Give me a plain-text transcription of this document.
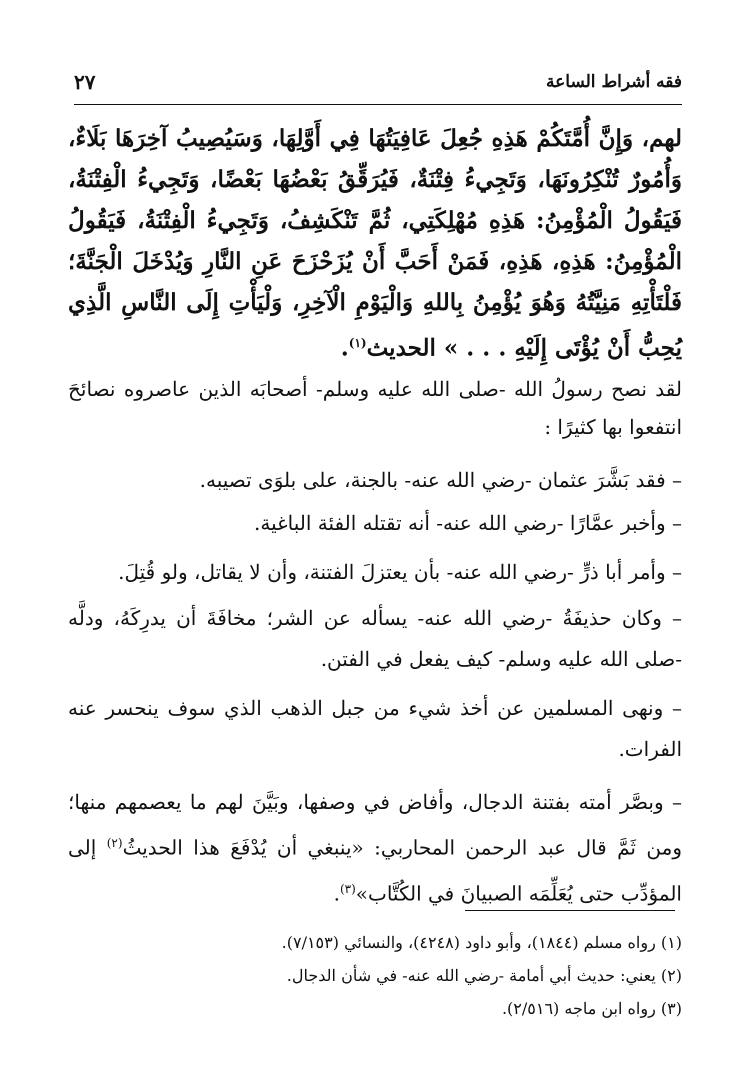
فقه أشراط الساعة
٢٧
لهم، وَإِنَّ أُمَّتَكُمْ هَذِهِ جُعِلَ عَافِيَتُهَا فِي أَوَّلِهَا، وَسَيُصِيبُ آخِرَهَا بَلَاءٌ، وَأُمُورٌ تُنْكِرُونَهَا، وَتَجِيءُ فِتْنَةٌ، فَيُرَقِّقُ بَعْضُهَا بَعْضًا، وَتَجِيءُ الْفِتْنَةُ، فَيَقُولُ الْمُؤْمِنُ: هَذِهِ مُهْلِكَتِي، ثُمَّ تَنْكَشِفُ، وَتَجِيءُ الْفِتْنَةُ، فَيَقُولُ الْمُؤْمِنُ: هَذِهِ، هَذِهِ، فَمَنْ أَحَبَّ أَنْ يُزَحْزَحَ عَنِ النَّارِ وَيُدْخَلَ الْجَنَّةَ؛ فَلْتَأْتِهِ مَنِيَّتُهُ وَهُوَ يُؤْمِنُ بِاللهِ وَالْيَوْمِ الْآخِرِ، وَلْيَأْتِ إِلَى النَّاسِ الَّذِي يُحِبُّ أَنْ يُؤْتَى إِلَيْهِ . . . » الحديث$^{(١)}$.
لقد نصح رسولُ الله -صلى الله عليه وسلم- أصحابَه الذين عاصروه نصائحَ انتفعوا بها كثيرًا :
– فقد بَشَّرَ عثمان -رضي الله عنه- بالجنة، على بلوَى تصيبه.
– وأخبر عمَّارًا -رضي الله عنه- أنه تقتله الفئة الباغية.
– وأمر أبا ذرٍّ -رضي الله عنه- بأن يعتزلَ الفتنة، وأن لا يقاتل، ولو قُتِلَ.
– وكان حذيفَةُ -رضي الله عنه- يسأله عن الشر؛ مخافَةَ أن يدرِكَهُ، ودلَّه -صلى الله عليه وسلم- كيف يفعل في الفتن.
– ونهى المسلمين عن أخذ شيء من جبل الذهب الذي سوف ينحسر عنه الفرات.
– وبصَّر أمته بفتنة الدجال، وأفاض في وصفها، وبَيَّنَ لهم ما يعصمهم منها؛ ومن ثَمَّ قال عبد الرحمن المحاربي: «ينبغي أن يُدْفَعَ هذا الحديثُ$^{(٢)}$ إلى المؤدِّب حتى يُعَلِّمَه الصبيانَ في الكُتَّاب»$^{(٣)}$.
(١) رواه مسلم (١٨٤٤)، وأبو داود (٤٢٤٨)، والنسائي (٧/١٥٣).
(٢) يعني: حديث أبي أمامة -رضي الله عنه- في شأن الدجال.
(٣) رواه ابن ماجه (٢/٥١٦).
